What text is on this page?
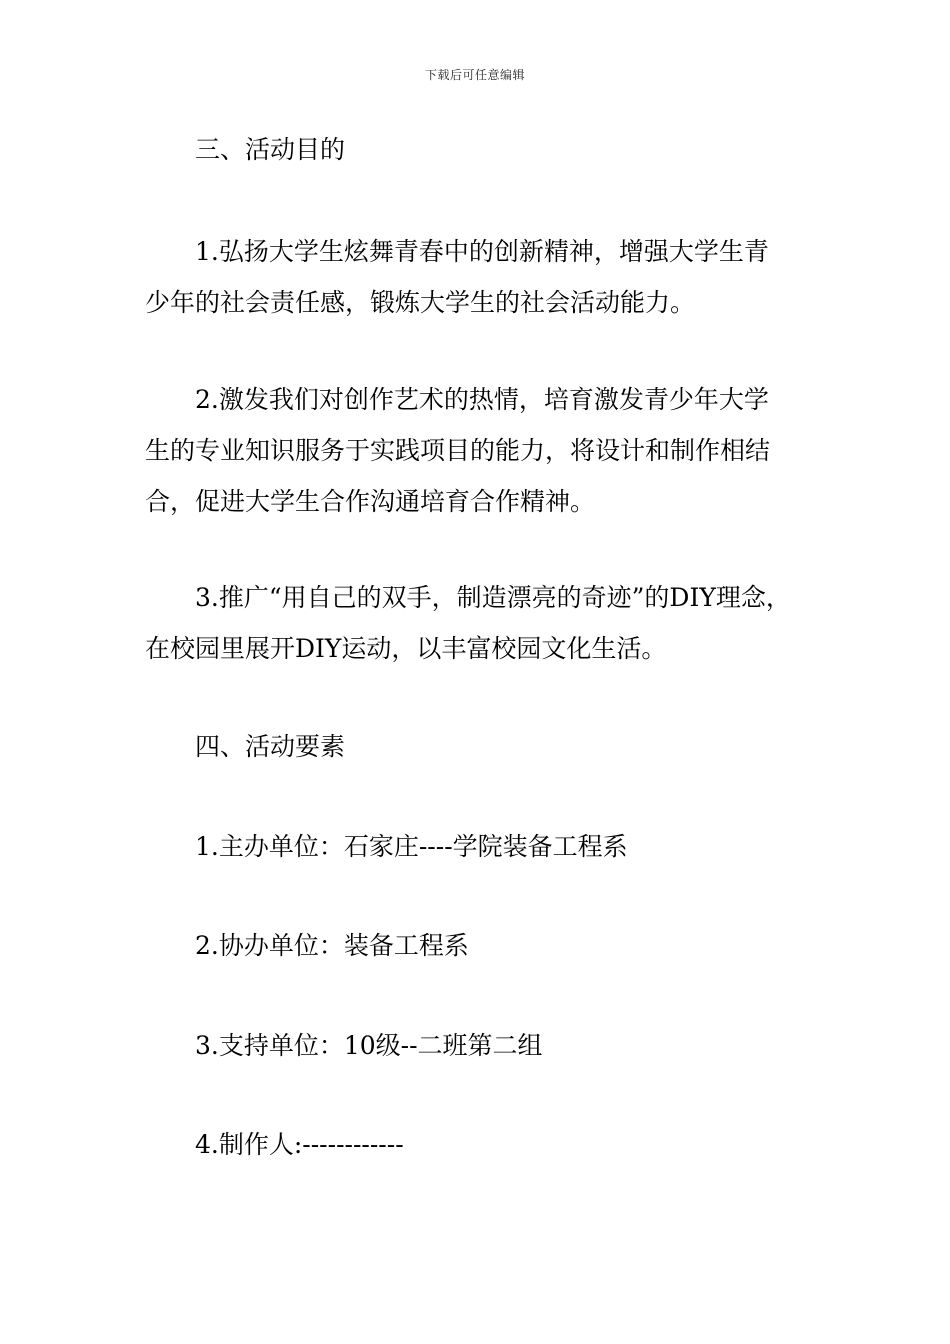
下载后可任意编辑

三、活动目的

1.弘扬大学生炫舞青春中的创新精神，增强大学生青
少年的社会责任感，锻炼大学生的社会活动能力。

2.激发我们对创作艺术的热情，培育激发青少年大学
生的专业知识服务于实践项目的能力，将设计和制作相结
合，促进大学生合作沟通培育合作精神。

3.推广“用自己的双手，制造漂亮的奇迹”的DIY理念，
在校园里展开DIY运动，以丰富校园文化生活。

四、活动要素

1.主办单位：石家庄----学院装备工程系

2.协办单位：装备工程系

3.支持单位：10级--二班第二组

4.制作人:------------
